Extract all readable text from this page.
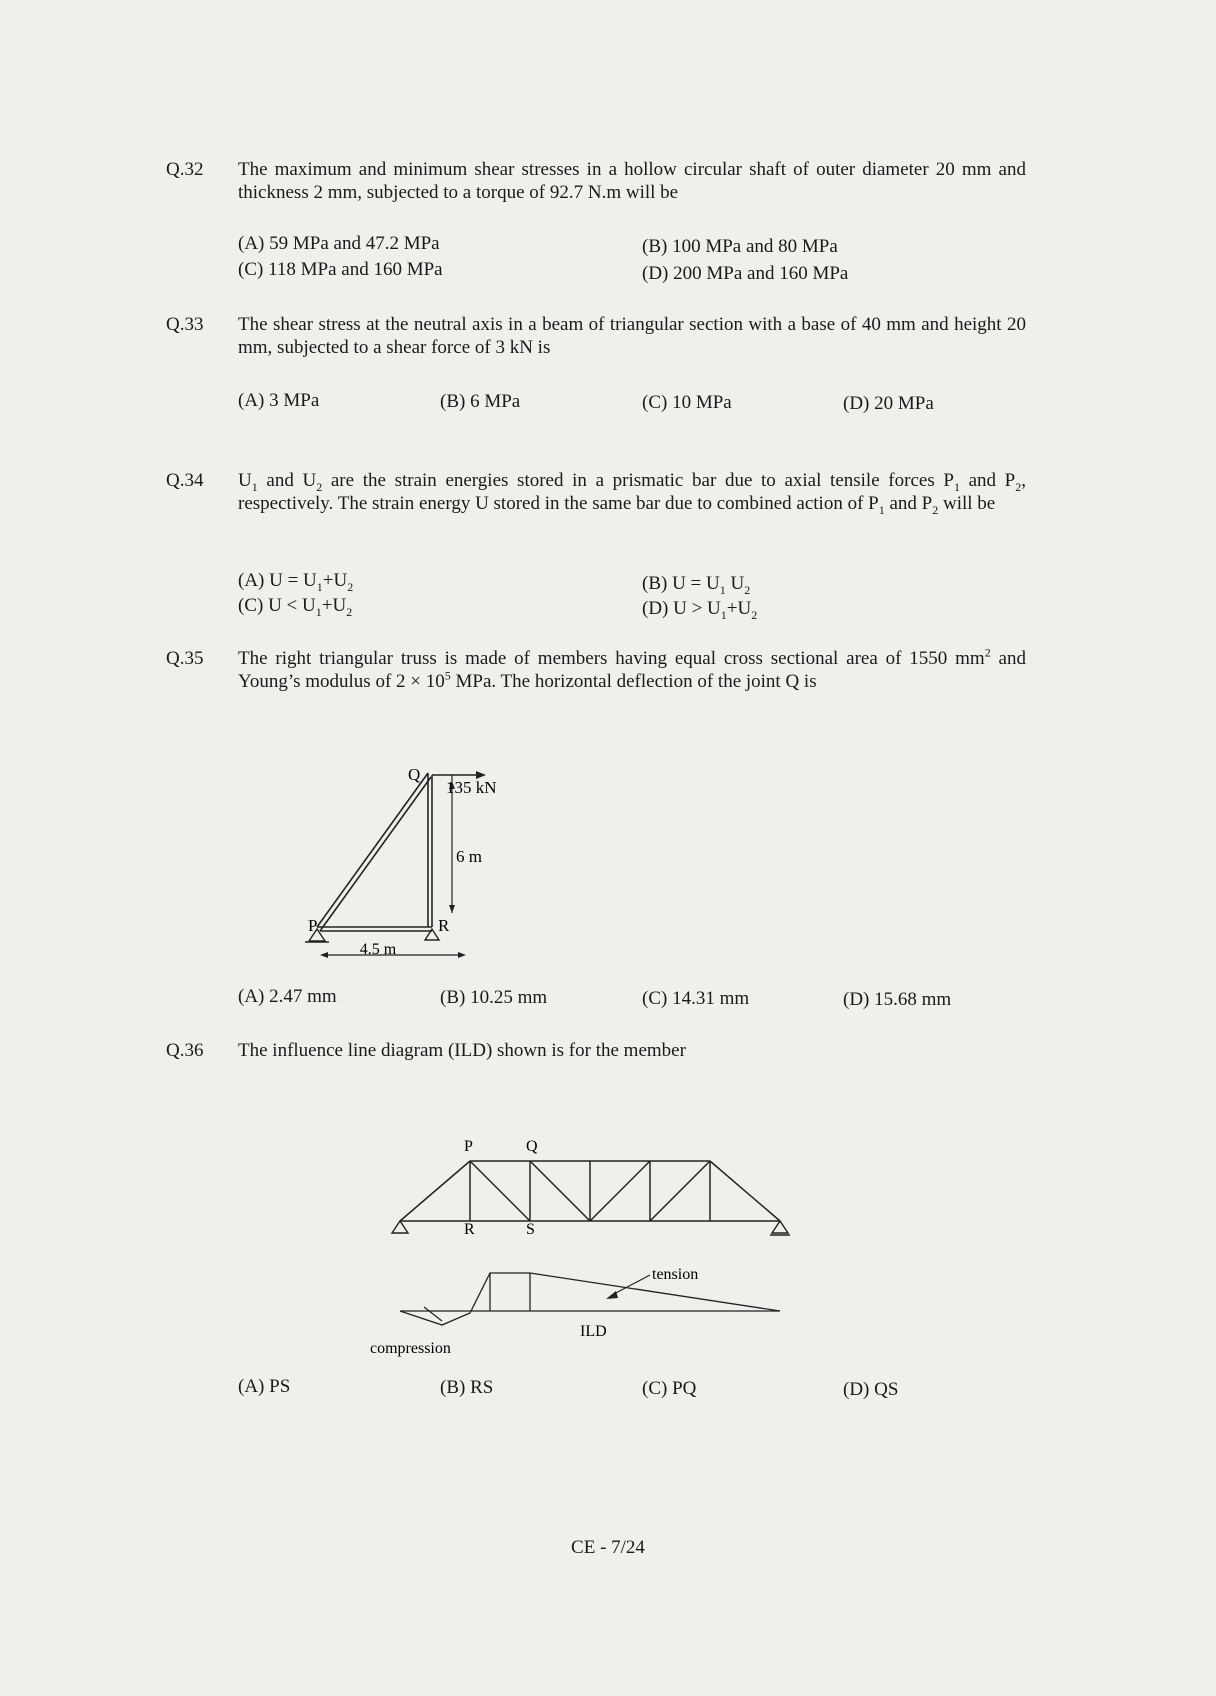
Q.32 The maximum and minimum shear stresses in a hollow circular shaft of outer diameter 20 mm and thickness 2 mm, subjected to a torque of 92.7 N.m will be
(A) 59 MPa and 47.2 MPa	(B) 100 MPa and 80 MPa
(C) 118 MPa and 160 MPa	(D) 200 MPa and 160 MPa
Q.33 The shear stress at the neutral axis in a beam of triangular section with a base of 40 mm and height 20 mm, subjected to a shear force of 3 kN is
(A) 3 MPa	(B) 6 MPa	(C) 10 MPa	(D) 20 MPa
Q.34 $U_1$ and $U_2$ are the strain energies stored in a prismatic bar due to axial tensile forces $P_1$ and $P_2$, respectively. The strain energy U stored in the same bar due to combined action of $P_1$ and $P_2$ will be
(A) $U = U_1+U_2$	(B) $U = U_1$ $U_2$
(C) $U < U_1+U_2$	(D) $U > U_1+U_2$
Q.35 The right triangular truss is made of members having equal cross sectional area of 1550 $mm^2$ and Young’s modulus of $2 \times 10^5$ MPa. The horizontal deflection of the joint Q is
135 kN
Q
6 m
P	R
4.5 m
(A) 2.47 mm	(B) 10.25 mm	(C) 14.31 mm	(D) 15.68 mm
Q.36 The influence line diagram (ILD) shown is for the member
P	Q
R	S
tension
compression
ILD
(A) PS	(B) RS	(C) PQ	(D) QS
CE - 7/24
